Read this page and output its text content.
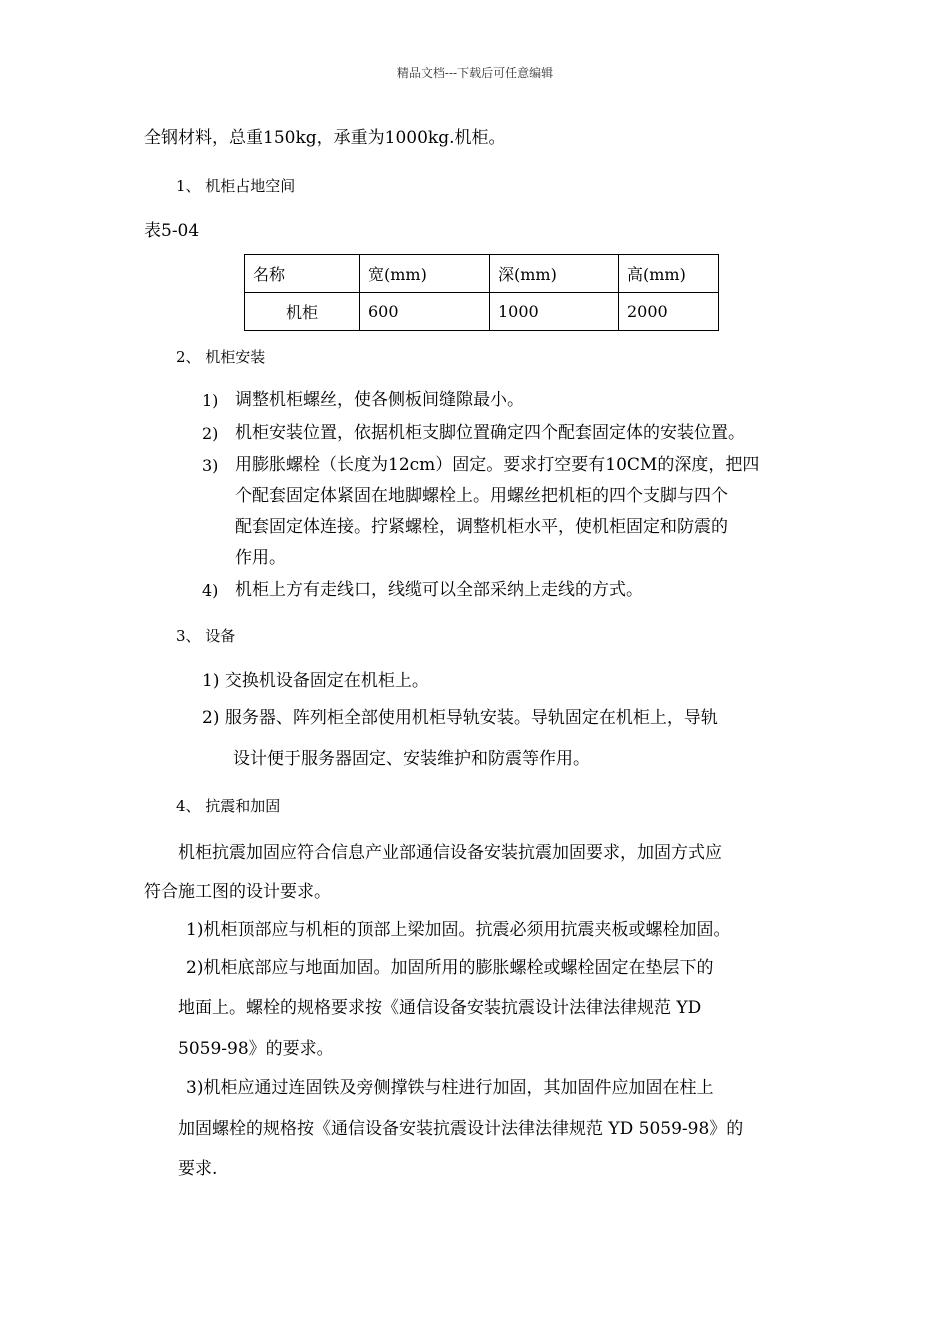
精品文档---下载后可任意编辑
全钢材料，总重150kg，承重为1000kg.机柜。
1、 机柜占地空间
表5-04
名称	宽(mm)	深(mm)	高(mm)
机柜	600	1000	2000
2、 机柜安装
1) 调整机柜螺丝，使各侧板间缝隙最小。
2) 机柜安装位置，依据机柜支脚位置确定四个配套固定体的安装位置。
3) 用膨胀螺栓（长度为12cm）固定。要求打空要有10CM的深度，把四
个配套固定体紧固在地脚螺栓上。用螺丝把机柜的四个支脚与四个
配套固定体连接。拧紧螺栓，调整机柜水平，使机柜固定和防震的
作用。
4) 机柜上方有走线口，线缆可以全部采纳上走线的方式。
3、 设备
1) 交换机设备固定在机柜上。
2) 服务器、阵列柜全部使用机柜导轨安装。导轨固定在机柜上，导轨
设计便于服务器固定、安装维护和防震等作用。
4、 抗震和加固
机柜抗震加固应符合信息产业部通信设备安装抗震加固要求，加固方式应
符合施工图的设计要求。
1)机柜顶部应与机柜的顶部上梁加固。抗震必须用抗震夹板或螺栓加固。
2)机柜底部应与地面加固。加固所用的膨胀螺栓或螺栓固定在垫层下的
地面上。螺栓的规格要求按《通信设备安装抗震设计法律法律规范 YD
5059-98》的要求。
3)机柜应通过连固铁及旁侧撑铁与柱进行加固，其加固件应加固在柱上
加固螺栓的规格按《通信设备安装抗震设计法律法律规范 YD 5059-98》的
要求.
